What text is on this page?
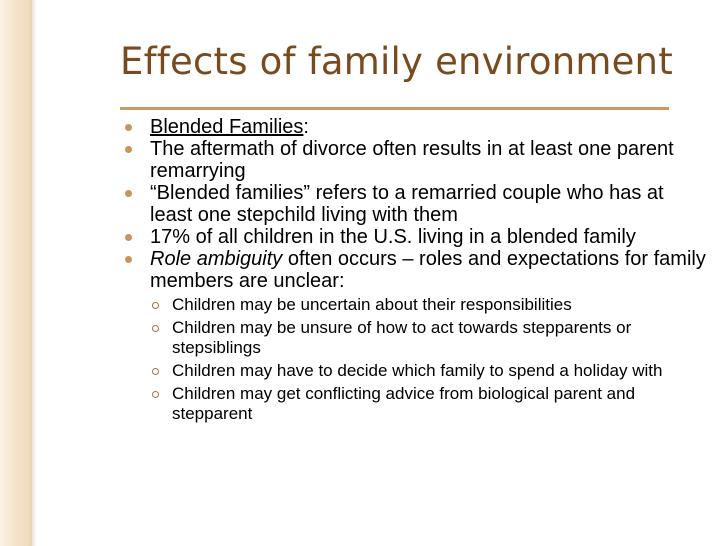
Effects of family environment
Blended Families:
The aftermath of divorce often results in at least one parent remarrying
“Blended families” refers to a remarried couple who has at least one stepchild living with them
17% of all children in the U.S. living in a blended family
Role ambiguity often occurs – roles and expectations for family members are unclear:
Children may be uncertain about their responsibilities
Children may be unsure of how to act towards stepparents or stepsiblings
Children may have to decide which family to spend a holiday with
Children may get conflicting advice from biological parent and stepparent
